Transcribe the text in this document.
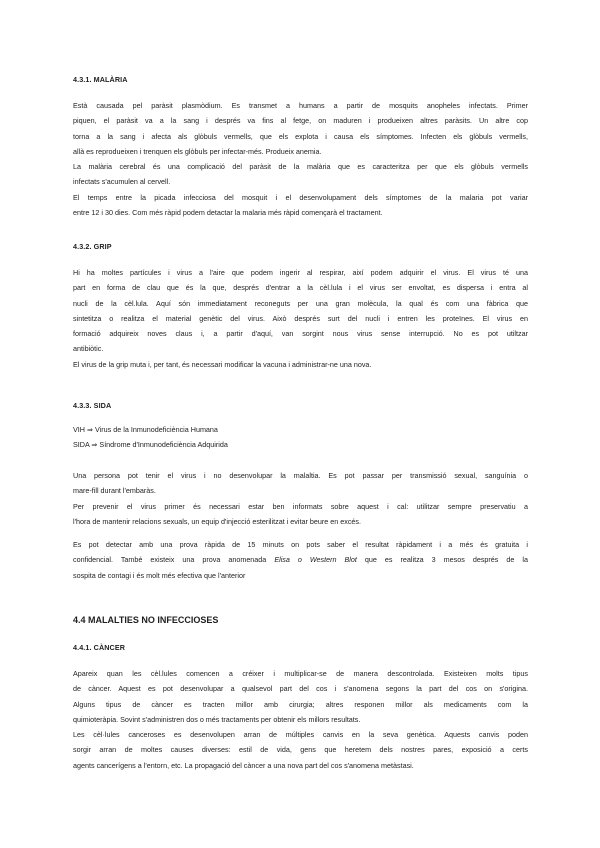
4.3.1. MALÀRIA
Està causada pel paràsit plasmòdium. Es transmet a humans a partir de mosquits anopheles infectats. Primer
piquen, el paràsit va a la sang i després va fins al fetge, on maduren i produeixen altres paràsits. Un altre cop
torna a la sang i afecta als glòbuls vermells, que els explota i causa els símptomes. Infecten els glòbuls vermells,
allà es reprodueixen i trenquen els glòbuls per infectar-més. Produeix anemia.
La malària cerebral és una complicació del paràsit de la malària que es caracteritza per que els glòbuls vermells
infectats s'acumulen al cervell.
El temps entre la picada infecciosa del mosquit i el desenvolupament dels símptomes de la malaria pot variar
entre 12 i 30 dies. Com més ràpid podem detactar la malaria més ràpid començarà el tractament.
4.3.2. GRIP
Hi ha moltes partícules i virus a l'aire que podem ingerir al respirar, així podem adquirir el virus. El virus té una
part en forma de clau que és la que, després d'entrar a la cèl.lula i el virus ser envoltat, es dispersa i entra al
nucli de la cèl.lula. Aquí són immediatament reconeguts per una gran molècula, la qual és com una fàbrica que
sintetitza o realitza el material genètic del virus. Això després surt del nucli i entren les proteïnes. El virus en
formació adquireix noves claus i, a partir d'aquí, van sorgint nous virus sense interrupció. No es pot utiltzar
antibiòtic.
El virus de la grip muta i, per tant, és necessari modificar la vacuna i administrar-ne una nova.
4.3.3. SIDA
VIH ⇒ Virus de la Inmunodeficiència Humana
SIDA ⇒ Síndrome d'Inmunodeficiència Adquirida
Una persona pot tenir el virus i no desenvolupar la malaltia. Es pot passar per transmissió sexual, sanguínia o
mare-fill durant l'embaràs.
Per prevenir el virus primer és necessari estar ben informats sobre aquest i cal: utilitzar sempre preservatiu a
l'hora de mantenir relacions sexuals, un equip d'injecció esterilitzat i evitar beure en excés.
Es pot detectar amb una prova ràpida de 15 minuts on pots saber el resultat ràpidament i a més és gratuita i
confidencial. També existeix una prova anomenada Elisa o Western Blot que es realitza 3 mesos després de la
sospita de contagi i és molt més efectiva que l'anterior
4.4 MALALTIES NO INFECCIOSES
4.4.1. CÀNCER
Apareix quan les cèl.lules comencen a créixer i multiplicar-se de manera descontrolada. Existeixen molts tipus
de càncer. Aquest es pot desenvolupar a qualsevol part del cos i s'anomena segons la part del cos on s'origina.
Alguns tipus de càncer es tracten millor amb cirurgia; altres responen millor als medicaments com la
quimioteràpia. Sovint s'administren dos o més tractaments per obtenir els millors resultats.
Les cèl·lules canceroses es desenvolupen arran de múltiples canvis en la seva genètica. Aquests canvis poden
sorgir arran de moltes causes diverses: estil de vida, gens que heretem dels nostres pares, exposició a certs
agents cancerígens a l'entorn, etc. La propagació del càncer a una nova part del cos s'anomena metàstasi.
